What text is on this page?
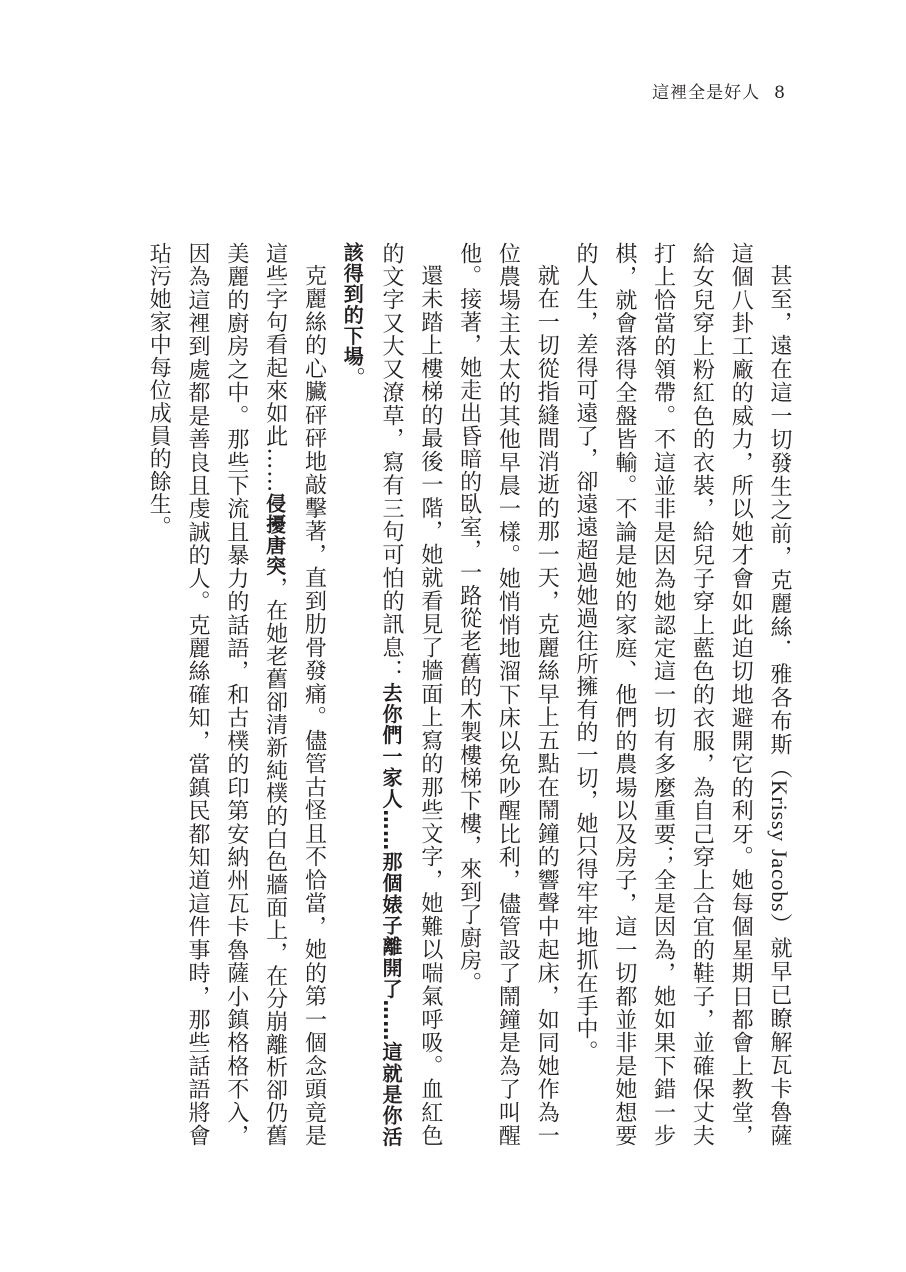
這裡全是好人 8

甚至，遠在這一切發生之前，克麗絲．雅各布斯（Krissy Jacobs）就早已瞭解瓦卡魯薩這個八卦工廠的威力，所以她才會如此迫切地避開它的利牙。她每個星期日都會上教堂，給女兒穿上粉紅色的衣裝，給兒子穿上藍色的衣服，為自己穿上合宜的鞋子，並確保丈夫打上恰當的領帶。不這並非是因為她認定這一切有多麼重要；全是因為，她如果下錯一步棋，就會落得全盤皆輸。不論是她的家庭、他們的農場以及房子，這一切都並非是她想要的人生，差得可遠了，卻遠遠超過她過往所擁有的一切，她只得牢牢地抓在手中。

就在一切從指縫間消逝的那一天，克麗絲早上五點在鬧鐘的響聲中起床，如同她作為一位農場主太太的其他早晨一樣。她悄悄地溜下床以免吵醒比利，儘管設了鬧鐘是為了叫醒他。接著，她走出昏暗的臥室，一路從老舊的木製樓梯下樓，來到了廚房。

還未踏上樓梯的最後一階，她就看見了牆面上寫的那些文字，她難以喘氣呼吸。血紅色的文字又大又潦草，寫有三句可怕的訊息：去你們一家人……那個婊子離開了……這就是你活該得到的下場。

克麗絲的心臟砰砰地敲擊著，直到肋骨發痛。儘管古怪且不恰當，她的第一個念頭竟是這些字句看起來如此……侵擾唐突，在她老舊卻清新純樸的白色牆面上，在分崩離析卻仍舊美麗的廚房之中。那些下流且暴力的話語，和古樸的印第安納州瓦卡魯薩小鎮格格不入，因為這裡到處都是善良且虔誠的人。克麗絲確知，當鎮民都知道這件事時，那些話語將會玷污她家中每位成員的餘生。
